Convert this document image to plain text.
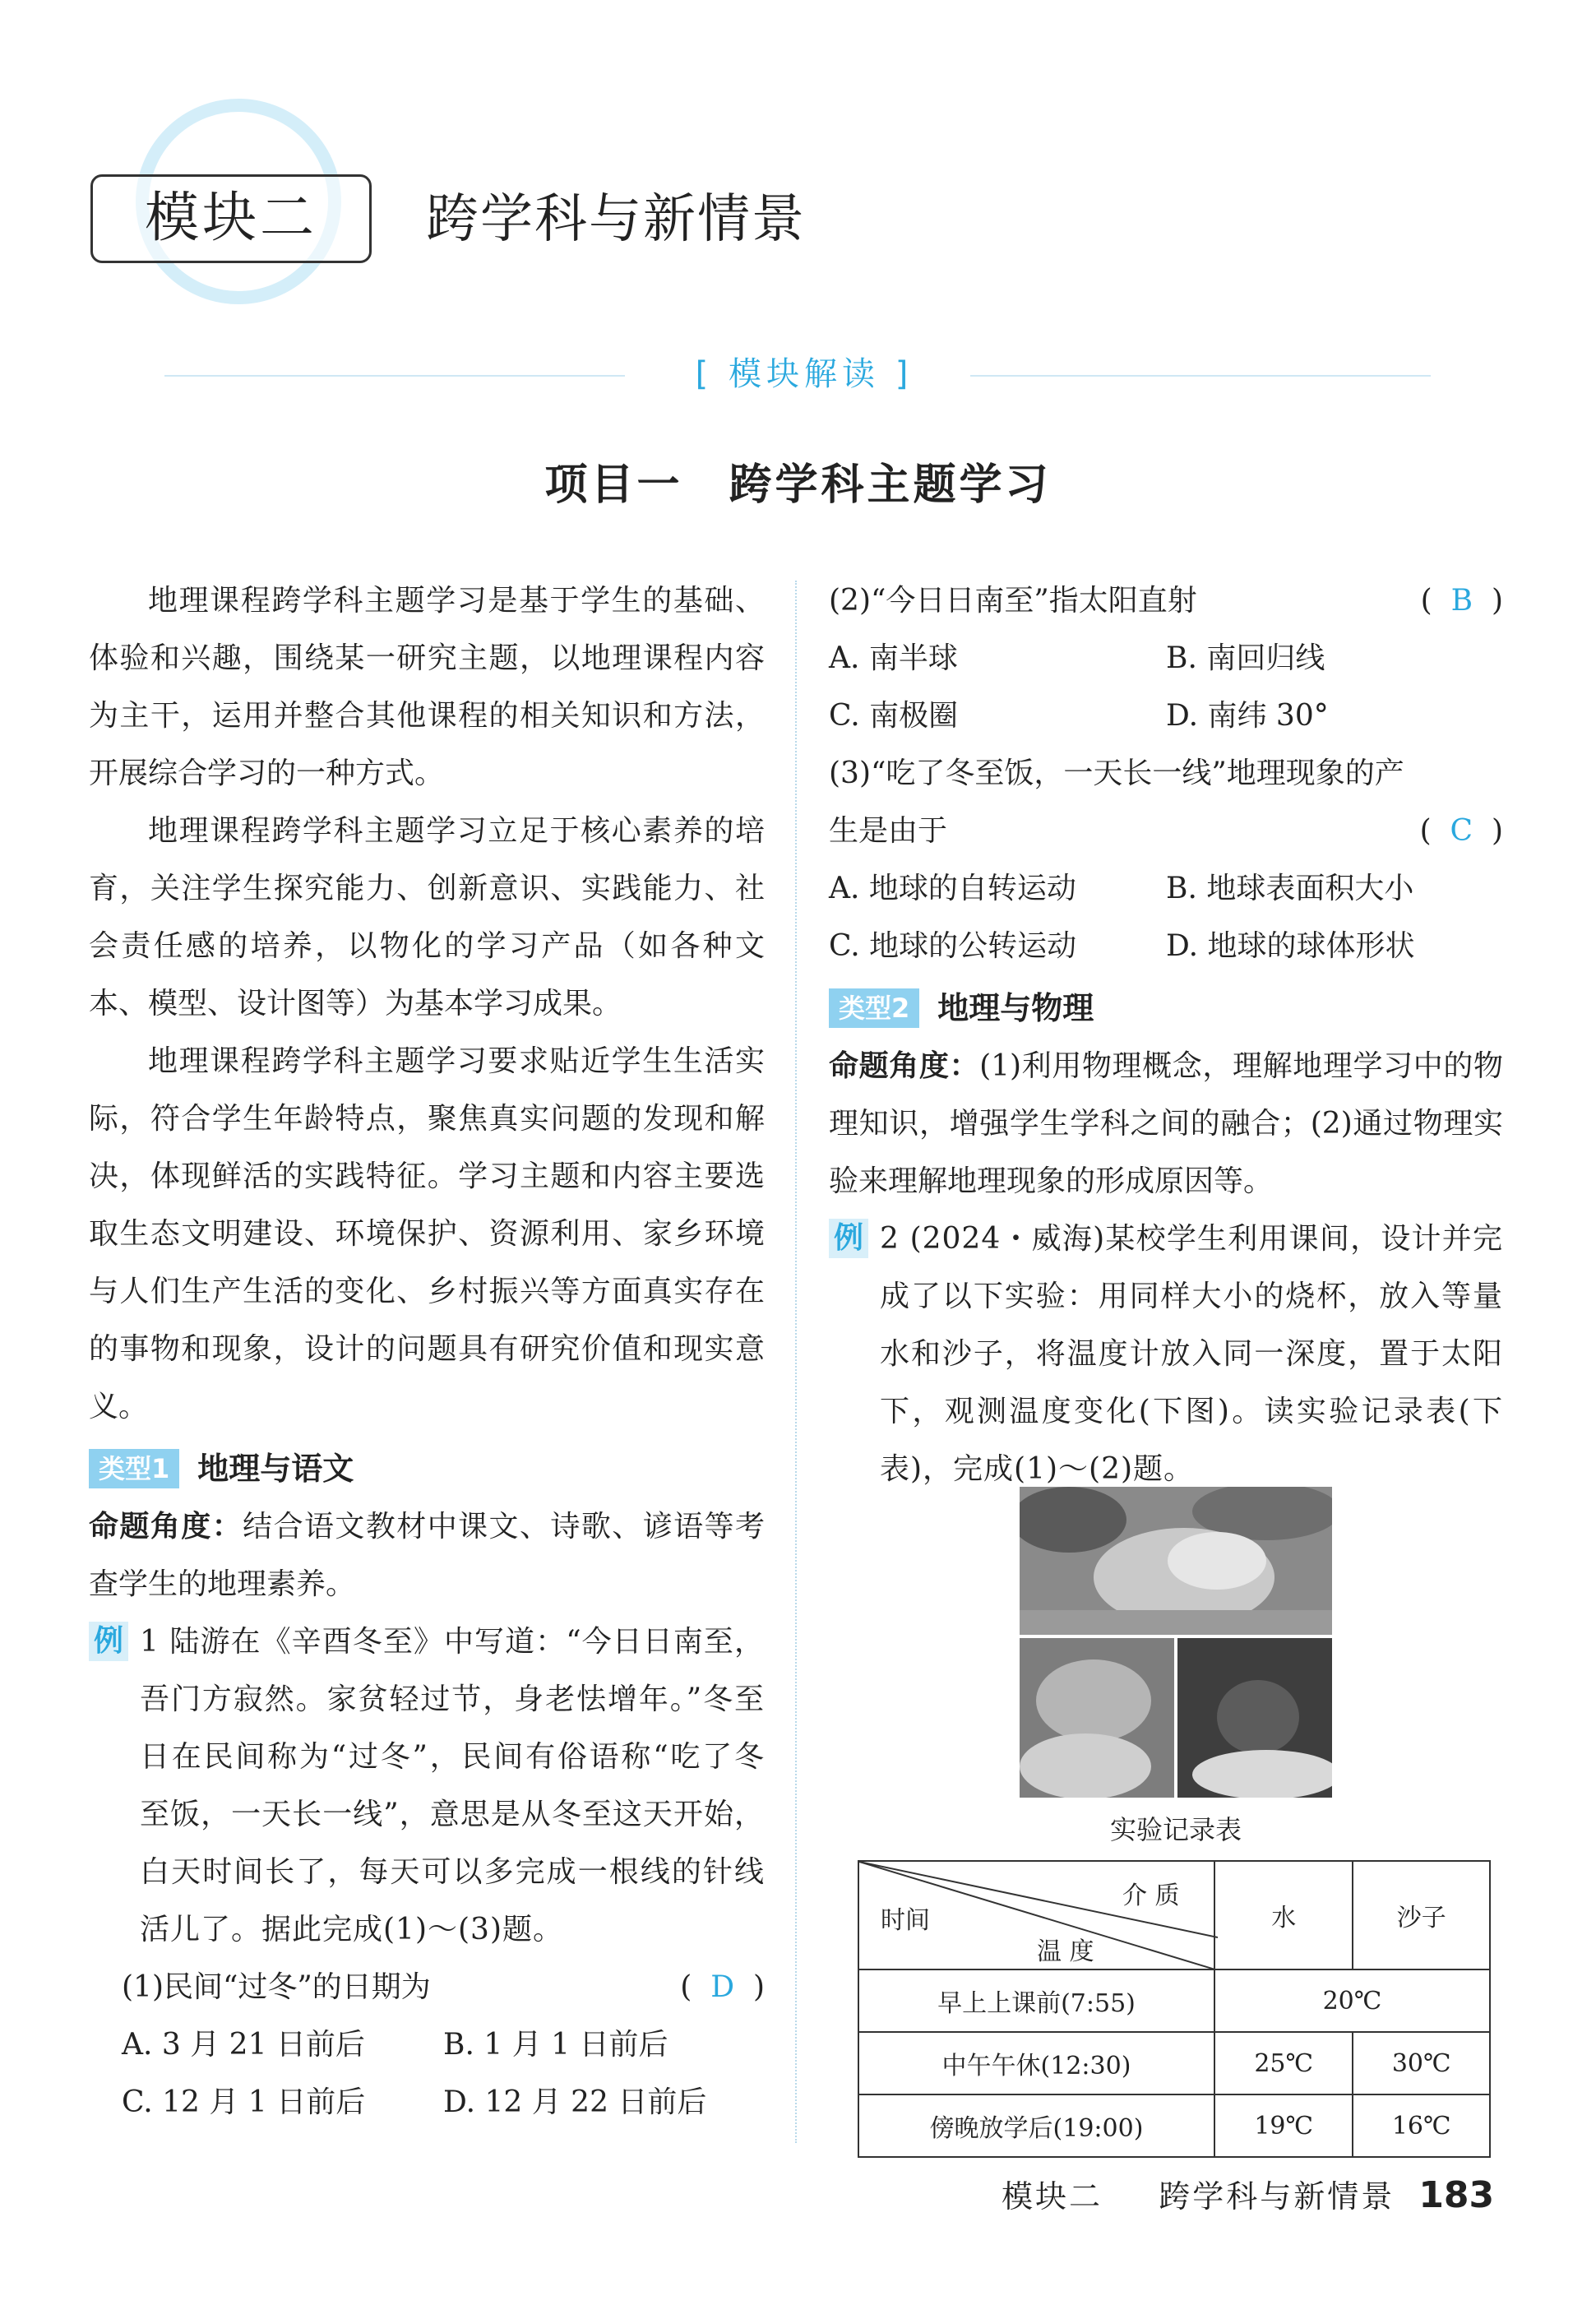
模块二	跨学科与新情景
[ 模块解读 ]
项目一　跨学科主题学习

地理课程跨学科主题学习是基于学生的基础、体验和兴趣，围绕某一研究主题，以地理课程内容为主干，运用并整合其他课程的相关知识和方法，开展综合学习的一种方式。

地理课程跨学科主题学习立足于核心素养的培育，关注学生探究能力、创新意识、实践能力、社会责任感的培养，以物化的学习产品（如各种文本、模型、设计图等）为基本学习成果。

地理课程跨学科主题学习要求贴近学生生活实际，符合学生年龄特点，聚焦真实问题的发现和解决，体现鲜活的实践特征。学习主题和内容主要选取生态文明建设、环境保护、资源利用、家乡环境与人们生产生活的变化、乡村振兴等方面真实存在的事物和现象，设计的问题具有研究价值和现实意义。

类型1 地理与语文

命题角度：结合语文教材中课文、诗歌、谚语等考查学生的地理素养。

例 1 陆游在《辛酉冬至》中写道：“今日日南至，吾门方寂然。家贫轻过节，身老怯增年。”冬至日在民间称为“过冬”，民间有俗语称“吃了冬至饭，一天长一线”，意思是从冬至这天开始，白天时间长了，每天可以多完成一根线的针线活儿了。据此完成(1)～(3)题。
(1)民间“过冬”的日期为	(  D  )
A. 3 月 21 日前后	B. 1 月 1 日前后
C. 12 月 1 日前后	D. 12 月 22 日前后
(2)“今日日南至”指太阳直射	(  B  )
A. 南半球	B. 南回归线
C. 南极圈	D. 南纬 30°
(3)“吃了冬至饭，一天长一线”地理现象的产
生是由于	(  C  )
A. 地球的自转运动	B. 地球表面积大小
C. 地球的公转运动	D. 地球的球体形状
类型2 地理与物理

命题角度：(1)利用物理概念，理解地理学习中的物理知识，增强学生学科之间的融合；(2)通过物理实验来理解地理现象的形成原因等。

例 2 (2024・威海)某校学生利用课间，设计并完成了以下实验：用同样大小的烧杯，放入等量水和沙子，将温度计放入同一深度，置于太阳下，观测温度变化(下图)。读实验记录表(下表)，完成(1)～(2)题。
实验记录表
介 质
时间
温 度	水	沙子
早上上课前(7:55)	20℃	
中午午休(12:30)	25℃	30℃
傍晚放学后(19:00)	19℃	16℃
模块二 跨学科与新情景 183
